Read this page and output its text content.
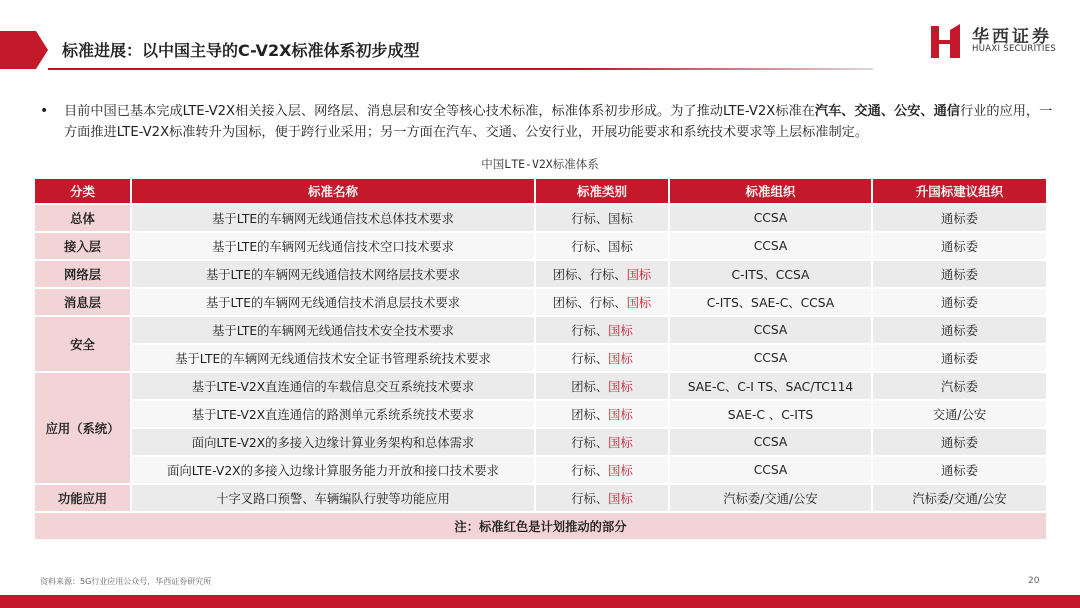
标准进展：以中国主导的C-V2X标准体系初步成型
华西证券
HUAXI SECURITIES
• 目前中国已基本完成LTE-V2X相关接入层、网络层、消息层和安全等核心技术标准，标准体系初步形成。为了推动LTE-V2X标准在汽车、交通、公安、通信行业的应用，一方面推进LTE-V2X标准转升为国标，便于跨行业采用；另一方面在汽车、交通、公安行业，开展功能要求和系统技术要求等上层标准制定。
中国LTE-V2X标准体系
分类	标准名称	标准类别	标准组织	升国标建议组织
总体	基于LTE的车辆网无线通信技术总体技术要求	行标、国标	CCSA	通标委
接入层	基于LTE的车辆网无线通信技术空口技术要求	行标、国标	CCSA	通标委
网络层	基于LTE的车辆网无线通信技术网络层技术要求	团标、行标、国标	C-ITS、CCSA	通标委
消息层	基于LTE的车辆网无线通信技术消息层技术要求	团标、行标、国标	C-ITS、SAE-C、CCSA	通标委
安全	基于LTE的车辆网无线通信技术安全技术要求	行标、国标	CCSA	通标委
	基于LTE的车辆网无线通信技术安全证书管理系统技术要求	行标、国标	CCSA	通标委
应用（系统）	基于LTE-V2X直连通信的车载信息交互系统技术要求	团标、国标	SAE-C、C-I TS、SAC/TC114	汽标委
	基于LTE-V2X直连通信的路测单元系统系统技术要求	团标、国标	SAE-C 、C-ITS	交通/公安
	面向LTE-V2X的多接入边缘计算业务架构和总体需求	行标、国标	CCSA	通标委
	面向LTE-V2X的多接入边缘计算服务能力开放和接口技术要求	行标、国标	CCSA	通标委
功能应用	十字叉路口预警、车辆编队行驶等功能应用	行标、国标	汽标委/交通/公安	汽标委/交通/公安
注：标准红色是计划推动的部分				
资料来源：5G行业应用公众号，华西证券研究所	20
